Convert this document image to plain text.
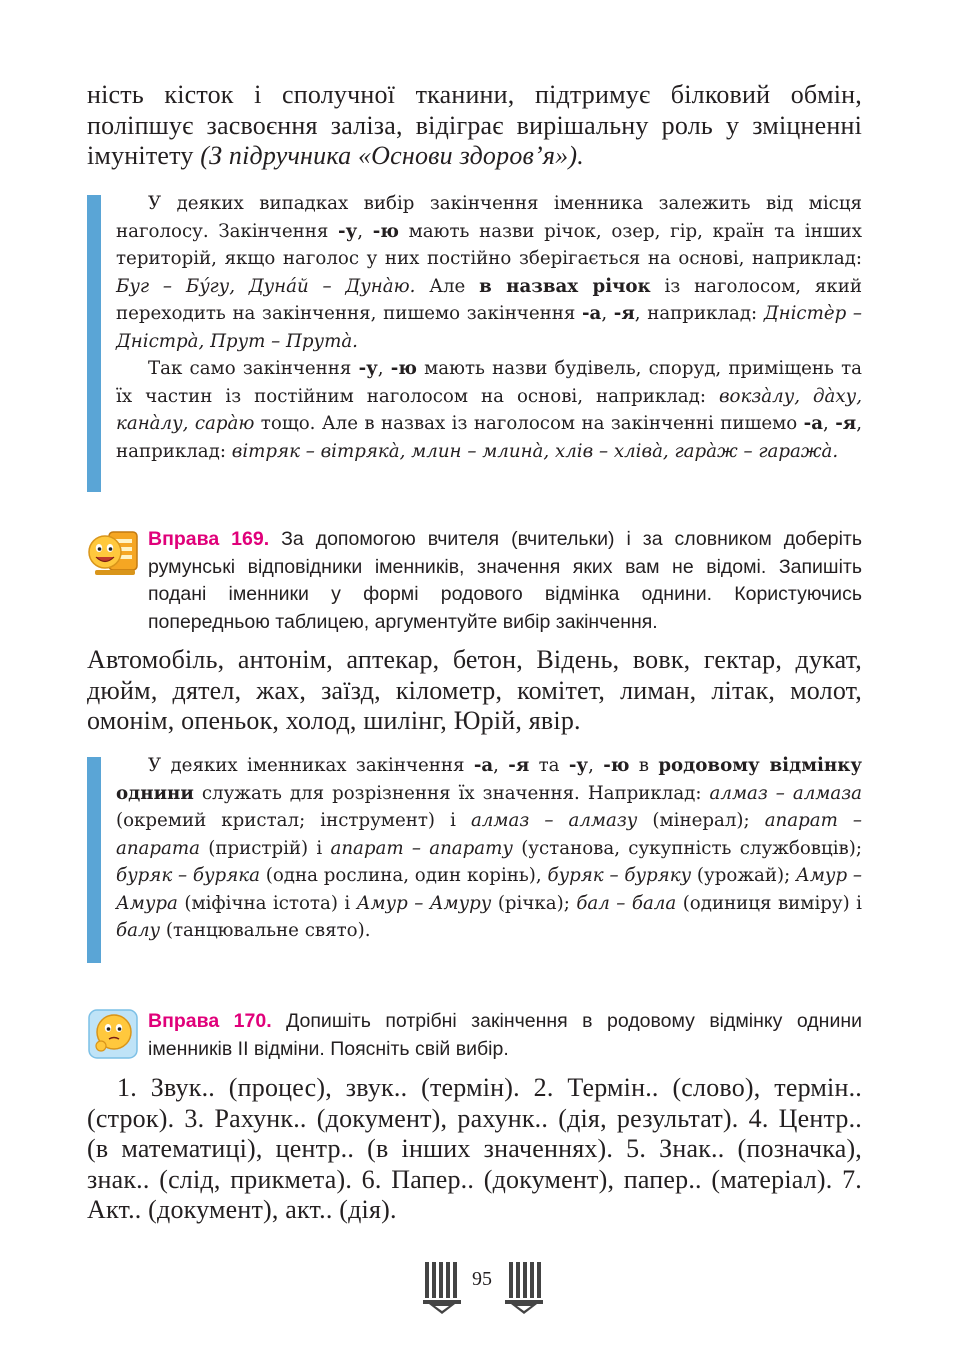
ність кісток і сполучної тканини, підтримує білковий обмін, поліпшує засвоєння заліза, відіграє вирішальну роль у зміцненні імунітету (З підручника «Основи здоров’я»).

У деяких випадках вибір закінчення іменника залежить від місця наголосу. Закінчення -у, -ю мають назви річок, озер, гір, країн та інших територій, якщо наголос у них постійно зберігається на основі, наприклад: Буг – Бýгу, Дунáй – Дунàю. Але в назвах річок із наголосом, який переходить на закінчення, пишемо закінчення -а, -я, наприклад: Дністèр – Дністрà, Прут – Прутà.

Так само закінчення -у, -ю мають назви будівель, споруд, приміщень та їх частин із постійним наголосом на основі, наприклад: вокзàлу, дàху, канàлу, сарàю тощо. Але в назвах із наголосом на закінченні пишемо -а, -я, наприклад: вітряк – вітрякà, млин – млинà, хлів – хлівà, гарàж – гаражà.

Вправа 169. За допомогою вчителя (вчительки) і за словником доберіть румунські відповідники іменників, значення яких вам не відомі. Запишіть подані іменники у формі родового відмінка однини. Користуючись попередньою таблицею, аргументуйте вибір закінчення.
Автомобіль, антонім, аптекар, бетон, Відень, вовк, гектар, дукат, дюйм, дятел, жах, заїзд, кілометр, комітет, лиман, літак, молот, омонім, опеньок, холод, шилінг, Юрій, явір.

У деяких іменниках закінчення -а, -я та -у, -ю в родовому відмінку однини служать для розрізнення їх значення. Наприклад: алмаз – алмаза (окремий кристал; інструмент) і алмаз – алмазу (мінерал); апарат – апарата (пристрій) і апарат – апарату (установа, сукупність службовців); буряк – буряка (одна рослина, один корінь), буряк – буряку (урожай); Амур – Амура (міфічна істота) і Амур – Амуру (річка); бал – бала (одиниця виміру) і балу (танцювальне свято).

Вправа 170. Допишіть потрібні закінчення в родовому відмінку однини іменників II відміни. Поясніть свій вибір.
1. Звук.. (процес), звук.. (термін). 2. Термін.. (слово), термін.. (строк). 3. Рахунк.. (документ), рахунк.. (дія, результат). 4. Центр.. (в математиці), центр.. (в інших значеннях). 5. Знак.. (позначка), знак.. (слід, прикмета). 6. Папер.. (документ), папер.. (матеріал). 7. Акт.. (документ), акт.. (дія).
95
